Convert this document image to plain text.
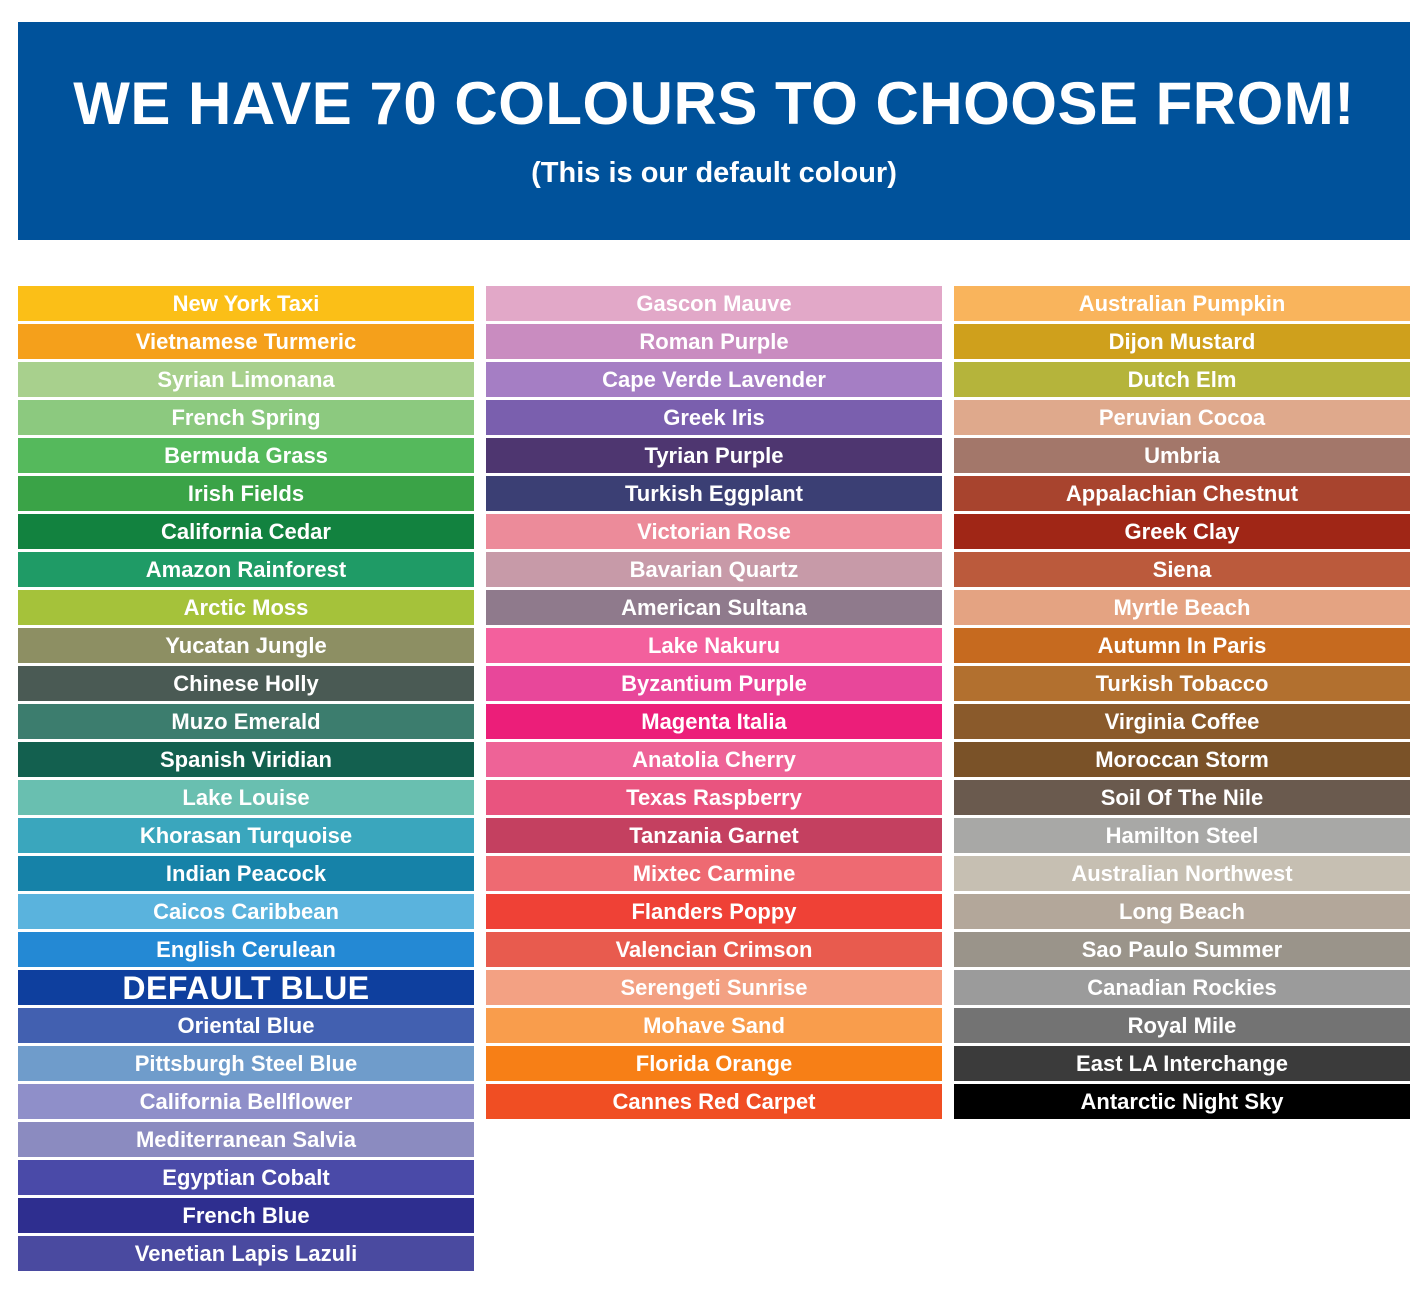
WE HAVE 70 COLOURS TO CHOOSE FROM!
(This is our default colour)
New York Taxi
Vietnamese Turmeric
Syrian Limonana
French Spring
Bermuda Grass
Irish Fields
California Cedar
Amazon Rainforest
Arctic Moss
Yucatan Jungle
Chinese Holly
Muzo Emerald
Spanish Viridian
Lake Louise
Khorasan Turquoise
Indian Peacock
Caicos Caribbean
English Cerulean
DEFAULT BLUE
Oriental Blue
Pittsburgh Steel Blue
California Bellflower
Mediterranean Salvia
Egyptian Cobalt
French Blue
Venetian Lapis Lazuli
Gascon Mauve
Roman Purple
Cape Verde Lavender
Greek Iris
Tyrian Purple
Turkish Eggplant
Victorian Rose
Bavarian Quartz
American Sultana
Lake Nakuru
Byzantium Purple
Magenta Italia
Anatolia Cherry
Texas Raspberry
Tanzania Garnet
Mixtec Carmine
Flanders Poppy
Valencian Crimson
Serengeti Sunrise
Mohave Sand
Florida Orange
Cannes Red Carpet
Australian Pumpkin
Dijon Mustard
Dutch Elm
Peruvian Cocoa
Umbria
Appalachian Chestnut
Greek Clay
Siena
Myrtle Beach
Autumn In Paris
Turkish Tobacco
Virginia Coffee
Moroccan Storm
Soil Of The Nile
Hamilton Steel
Australian Northwest
Long Beach
Sao Paulo Summer
Canadian Rockies
Royal Mile
East LA Interchange
Antarctic Night Sky
